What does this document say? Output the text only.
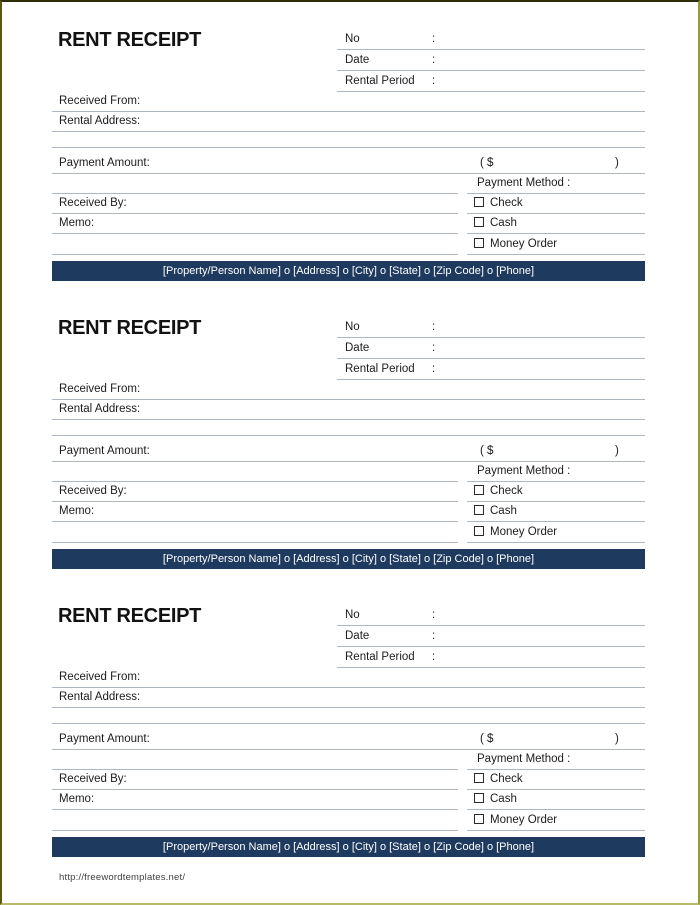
RENT RECEIPT	No	:
Date	:
Rental Period :
Received From:
Rental Address:
Payment Amount:	( $	)
Payment Method :
Received By:	Check
Memo:	Cash
Money Order
[Property/Person Name] o [Address] o [City] o [State] o [Zip Code] o [Phone]
RENT RECEIPT	No	:
Date	:
Rental Period :
Received From:
Rental Address:
Payment Amount:	( $	)
Payment Method :
Received By:	Check
Memo:	Cash
Money Order
[Property/Person Name] o [Address] o [City] o [State] o [Zip Code] o [Phone]
RENT RECEIPT	No	:
Date	:
Rental Period :
Received From:
Rental Address:
Payment Amount:	( $	)
Payment Method :
Received By:	Check
Memo:	Cash
Money Order
[Property/Person Name] o [Address] o [City] o [State] o [Zip Code] o [Phone]
http://freewordtemplates.net/
